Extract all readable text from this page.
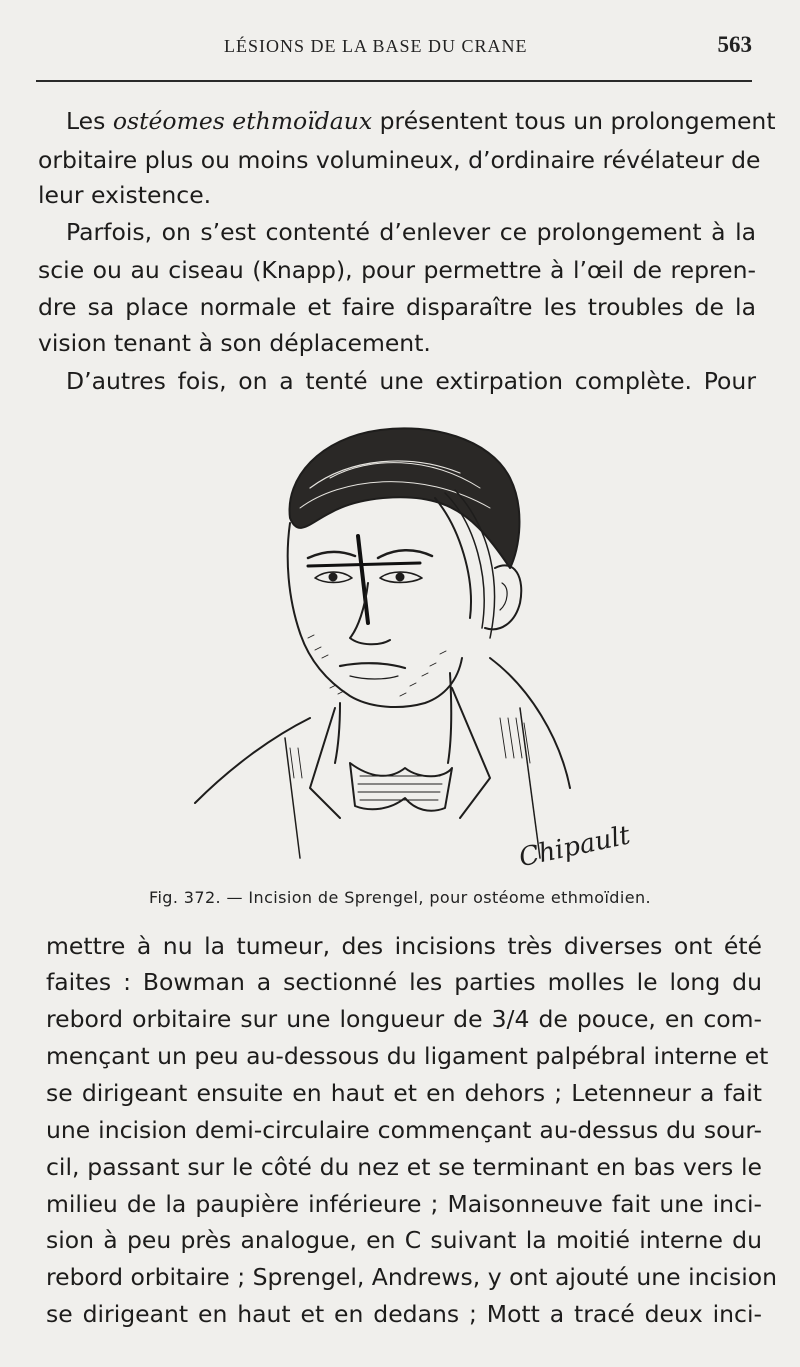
LÉSIONS DE LA BASE DU CRANE	563
Les ostéomes ethmoïdaux présentent tous un prolongement
orbitaire plus ou moins volumineux, d’ordinaire révélateur de
leur existence.
Parfois, on s’est contenté d’enlever ce prolongement à la
scie ou au ciseau (Knapp), pour permettre à l’œil de repren-
dre sa place normale et faire disparaître les troubles de la
vision tenant à son déplacement.
D’autres fois, on a tenté une extirpation complète. Pour
Chipault
Fig. 372. — Incision de Sprengel, pour ostéome ethmoïdien.
mettre à nu la tumeur, des incisions très diverses ont été
faites : Bowman a sectionné les parties molles le long du
rebord orbitaire sur une longueur de 3/4 de pouce, en com-
mençant un peu au-dessous du ligament palpébral interne et
se dirigeant ensuite en haut et en dehors ; Letenneur a fait
une incision demi-circulaire commençant au-dessus du sour-
cil, passant sur le côté du nez et se terminant en bas vers le
milieu de la paupière inférieure ; Maisonneuve fait une inci-
sion à peu près analogue, en C suivant la moitié interne du
rebord orbitaire ; Sprengel, Andrews, y ont ajouté une incision
se dirigeant en haut et en dedans ; Mott a tracé deux inci-
